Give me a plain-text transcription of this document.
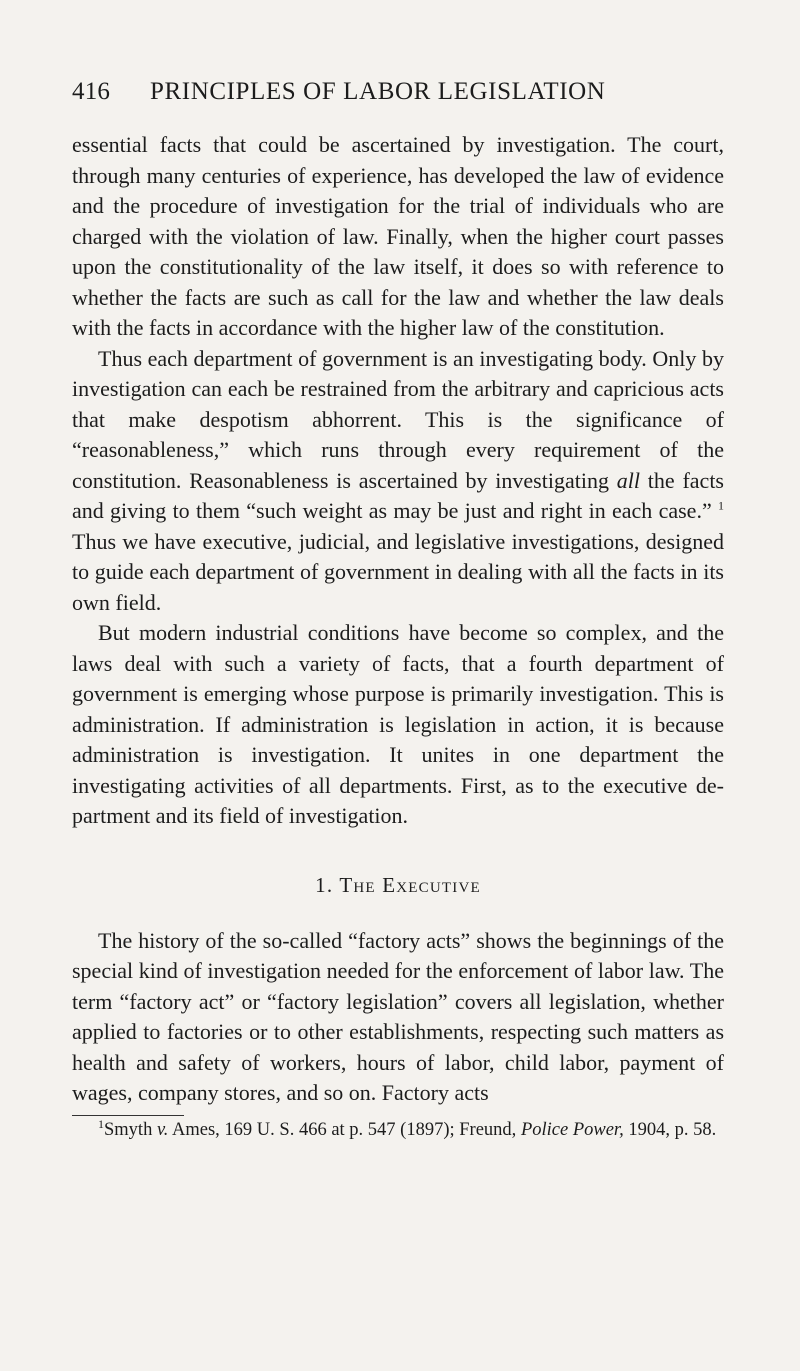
416	PRINCIPLES OF LABOR LEGISLATION

essential facts that could be ascertained by investigation. The court, through many centuries of experience, has developed the law of evidence and the procedure of investigation for the trial of individuals who are charged with the violation of law. Finally, when the higher court passes upon the constitutionality of the law itself, it does so with reference to whether the facts are such as call for the law and whether the law deals with the facts in accordance with the higher law of the constitution.

Thus each department of government is an investigating body. Only by investigation can each be restrained from the arbitrary and capricious acts that make despotism abhorrent. This is the significance of “reasonableness,” which runs through every requirement of the constitution. Reasonableness is ascertained by investigating all the facts and giving to them “such weight as may be just and right in each case.” $^1$ Thus we have executive, judicial, and legislative investigations, designed to guide each department of government in dealing with all the facts in its own field.

But modern industrial conditions have become so complex, and the laws deal with such a variety of facts, that a fourth department of government is emerging whose purpose is primarily investigation. This is administration. If administration is legislation in action, it is because administration is investigation. It unites in one department the investigating activities of all departments. First, as to the executive department and its field of investigation.

1. The Executive

The history of the so-called “factory acts” shows the beginnings of the special kind of investigation needed for the enforcement of labor law. The term “factory act” or “factory legislation” covers all legislation, whether applied to factories or to other establishments, respecting such matters as health and safety of workers, hours of labor, child labor, payment of wages, company stores, and so on. Factory acts

$^1$Smyth v. Ames, 169 U. S. 466 at p. 547 (1897); Freund, Police Power, 1904, p. 58.
